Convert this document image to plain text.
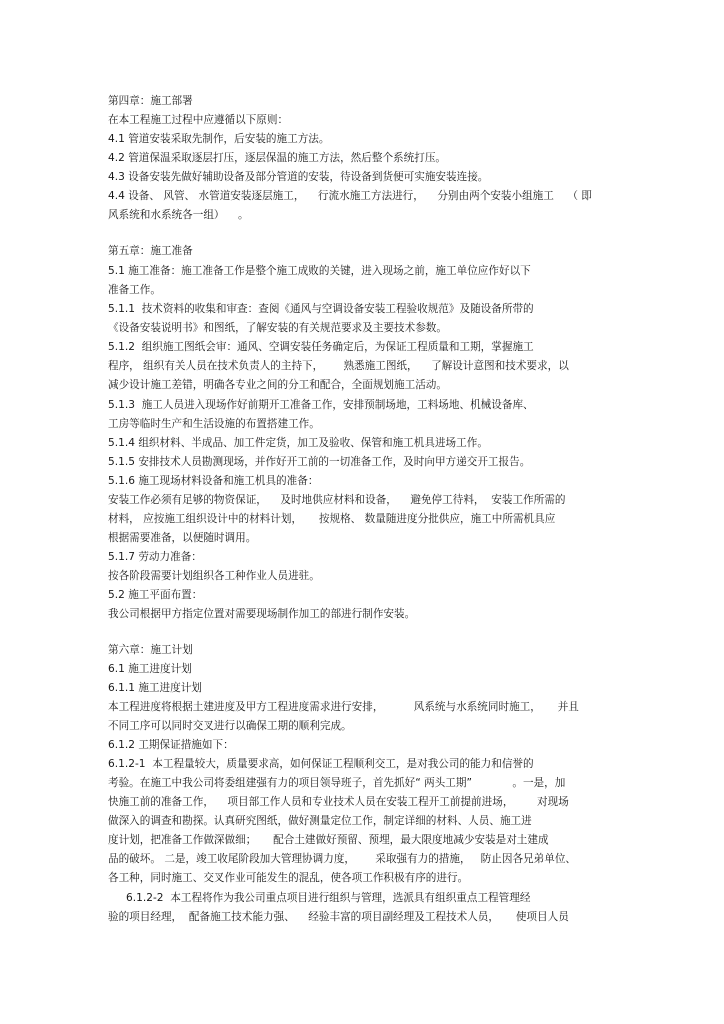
第四章：施工部署
在本工程施工过程中应遵循以下原则：
4.1 管道安装采取先制作，后安装的施工方法。
4.2 管道保温采取逐层打压，逐层保温的施工方法，然后整个系统打压。
4.3 设备安装先做好辅助设备及部分管道的安装，待设备到货便可实施安装连接。
4.4 设备、 风管、 水管道安装逐层施工，    行流水施工方法进行，    分别由两个安装小组施工    （ 即
风系统和水系统各一组）    。
第五章：施工准备
5.1 施工准备：施工准备工作是整个施工成败的关键，进入现场之前，施工单位应作好以下
准备工作。
5.1.1  技术资料的收集和审查：查阅《通风与空调设备安装工程验收规范》及随设备所带的
《设备安装说明书》和图纸，了解安装的有关规范要求及主要技术参数。
5.1.2  组织施工图纸会审：通风、空调安装任务确定后，为保证工程质量和工期，掌握施工
程序， 组织有关人员在技术负责人的主持下，      熟悉施工图纸，    了解设计意图和技术要求，以
减少设计施工差错，明确各专业之间的分工和配合，全面规划施工活动。
5.1.3  施工人员进入现场作好前期开工准备工作，安排预制场地，工料场地、机械设备库、
工房等临时生产和生活设施的布置搭建工作。
5.1.4 组织材料、半成品、加工件定货，加工及验收、保管和施工机具进场工作。
5.1.5 安排技术人员勘测现场，并作好开工前的一切准备工作，及时向甲方递交开工报告。
5.1.6 施工现场材料设备和施工机具的准备：
安装工作必须有足够的物资保证，    及时地供应材料和设备，    避免停工待料，  安装工作所需的
材料， 应按施工组织设计中的材料计划，     按规格、 数量随进度分批供应，施工中所需机具应
根据需要准备，以便随时调用。
5.1.7 劳动力准备：
按各阶段需要计划组织各工种作业人员进驻。
5.2 施工平面布置：
我公司根据甲方指定位置对需要现场制作加工的部进行制作安装。
第六章：施工计划
6.1 施工进度计划
6.1.1 施工进度计划
本工程进度将根据土建进度及甲方工程进度需求进行安排，         风系统与水系统同时施工，     并且
不同工序可以同时交叉进行以确保工期的顺利完成。
6.1.2 工期保证措施如下：
6.1.2-1  本工程量较大，质量要求高，如何保证工程顺利交工，是对我公司的能力和信誉的
考验。在施工中我公司将委组建强有力的项目领导班子，首先抓好“ 两头工期”            。一是，加
快施工前的准备工作，    项目部工作人员和专业技术人员在安装工程开工前提前进场，       对现场
做深入的调查和勘探。认真研究图纸，做好测量定位工作，制定详细的材料、人员、施工进
度计划，把准备工作做深做细；     配合土建做好预留、预埋，最大限度地减少安装是对土建成
品的破坏。 二是，竣工收尾阶段加大管理协调力度，      采取强有力的措施，   防止因各兄弟单位、
各工种，同时施工、交叉作业可能发生的混乱，使各项工作积极有序的进行。
6.1.2-2  本工程将作为我公司重点项目进行组织与管理，选派具有组织重点工程管理经
验的项目经理，  配备施工技术能力强、    经验丰富的项目副经理及工程技术人员，     使项目人员
